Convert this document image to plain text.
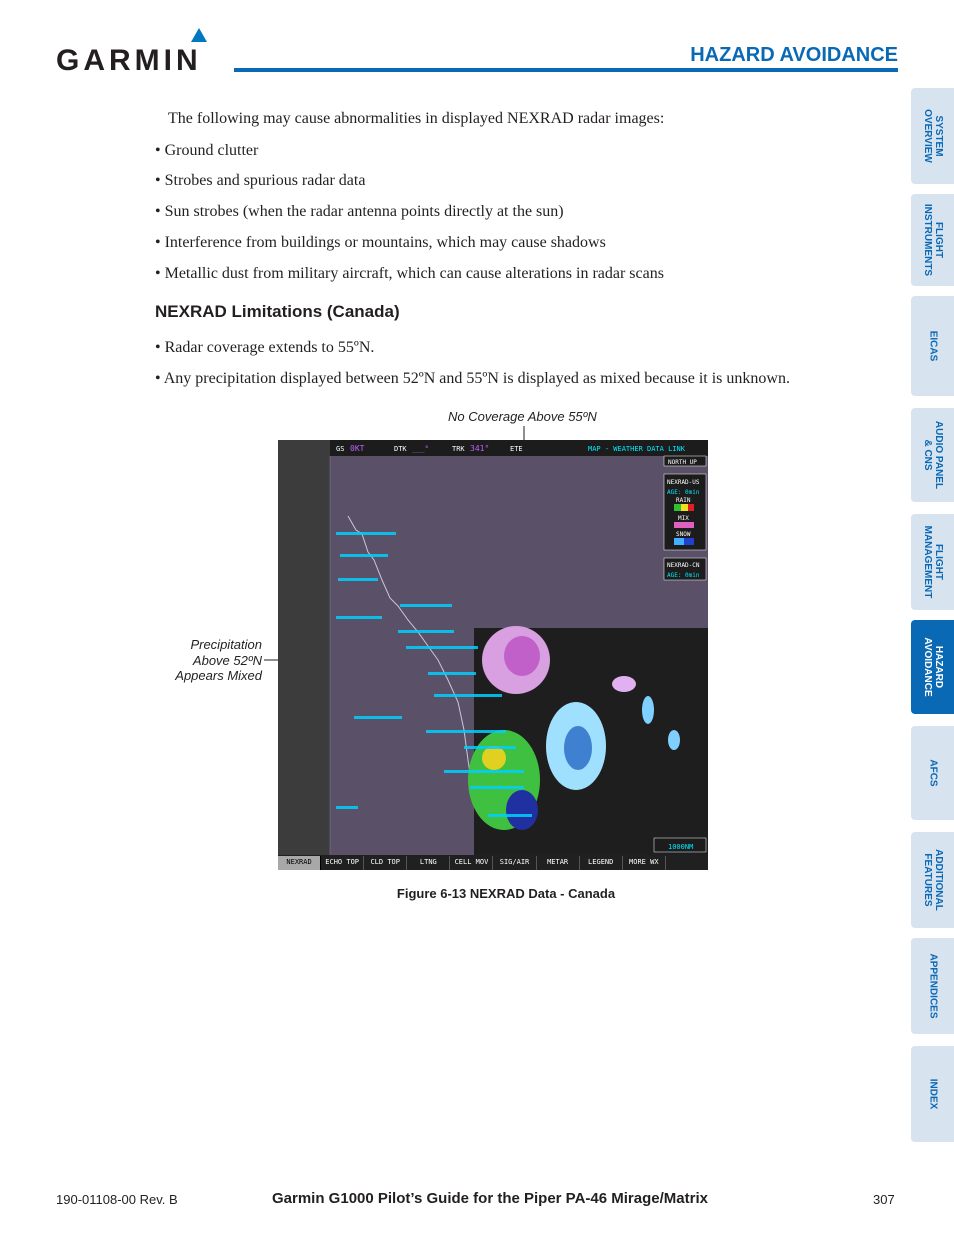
GARMIN	HAZARD AVOIDANCE
The following may cause abnormalities in displayed NEXRAD radar images:
• Ground clutter
• Strobes and spurious radar data
• Sun strobes (when the radar antenna points directly at the sun)
• Interference from buildings or mountains, which may cause shadows
• Metallic dust from military aircraft, which can cause alterations in radar scans
NEXRAD Limitations (Canada)
• Radar coverage extends to 55ºN.
• Any precipitation displayed between 52ºN and 55ºN is displayed as mixed because it is unknown.
No Coverage Above 55ºN
Precipitation
Above 52ºN
Appears Mixed
GS 0KT	DTK ___°	TRK 341°	ETE	MAP - WEATHER DATA LINK
NORTH UP
NEXRAD-US
AGE: 0min
RAIN
MIX
SNOW
NEXRAD-CN
AGE: 0min
1000NM
NEXRAD	ECHO TOP	CLD TOP	LTNG	CELL MOV	SIG/AIR	METAR	LEGEND	MORE WX
Figure 6-13 NEXRAD Data - Canada
SYSTEM
OVERVIEW
FLIGHT
INSTRUMENTS
EICAS
AUDIO PANEL
& CNS
FLIGHT
MANAGEMENT
HAZARD
AVOIDANCE
AFCS
ADDITIONAL
FEATURES
APPENDICES
INDEX
190-01108-00 Rev. B	Garmin G1000 Pilot’s Guide for the Piper PA-46 Mirage/Matrix	307
